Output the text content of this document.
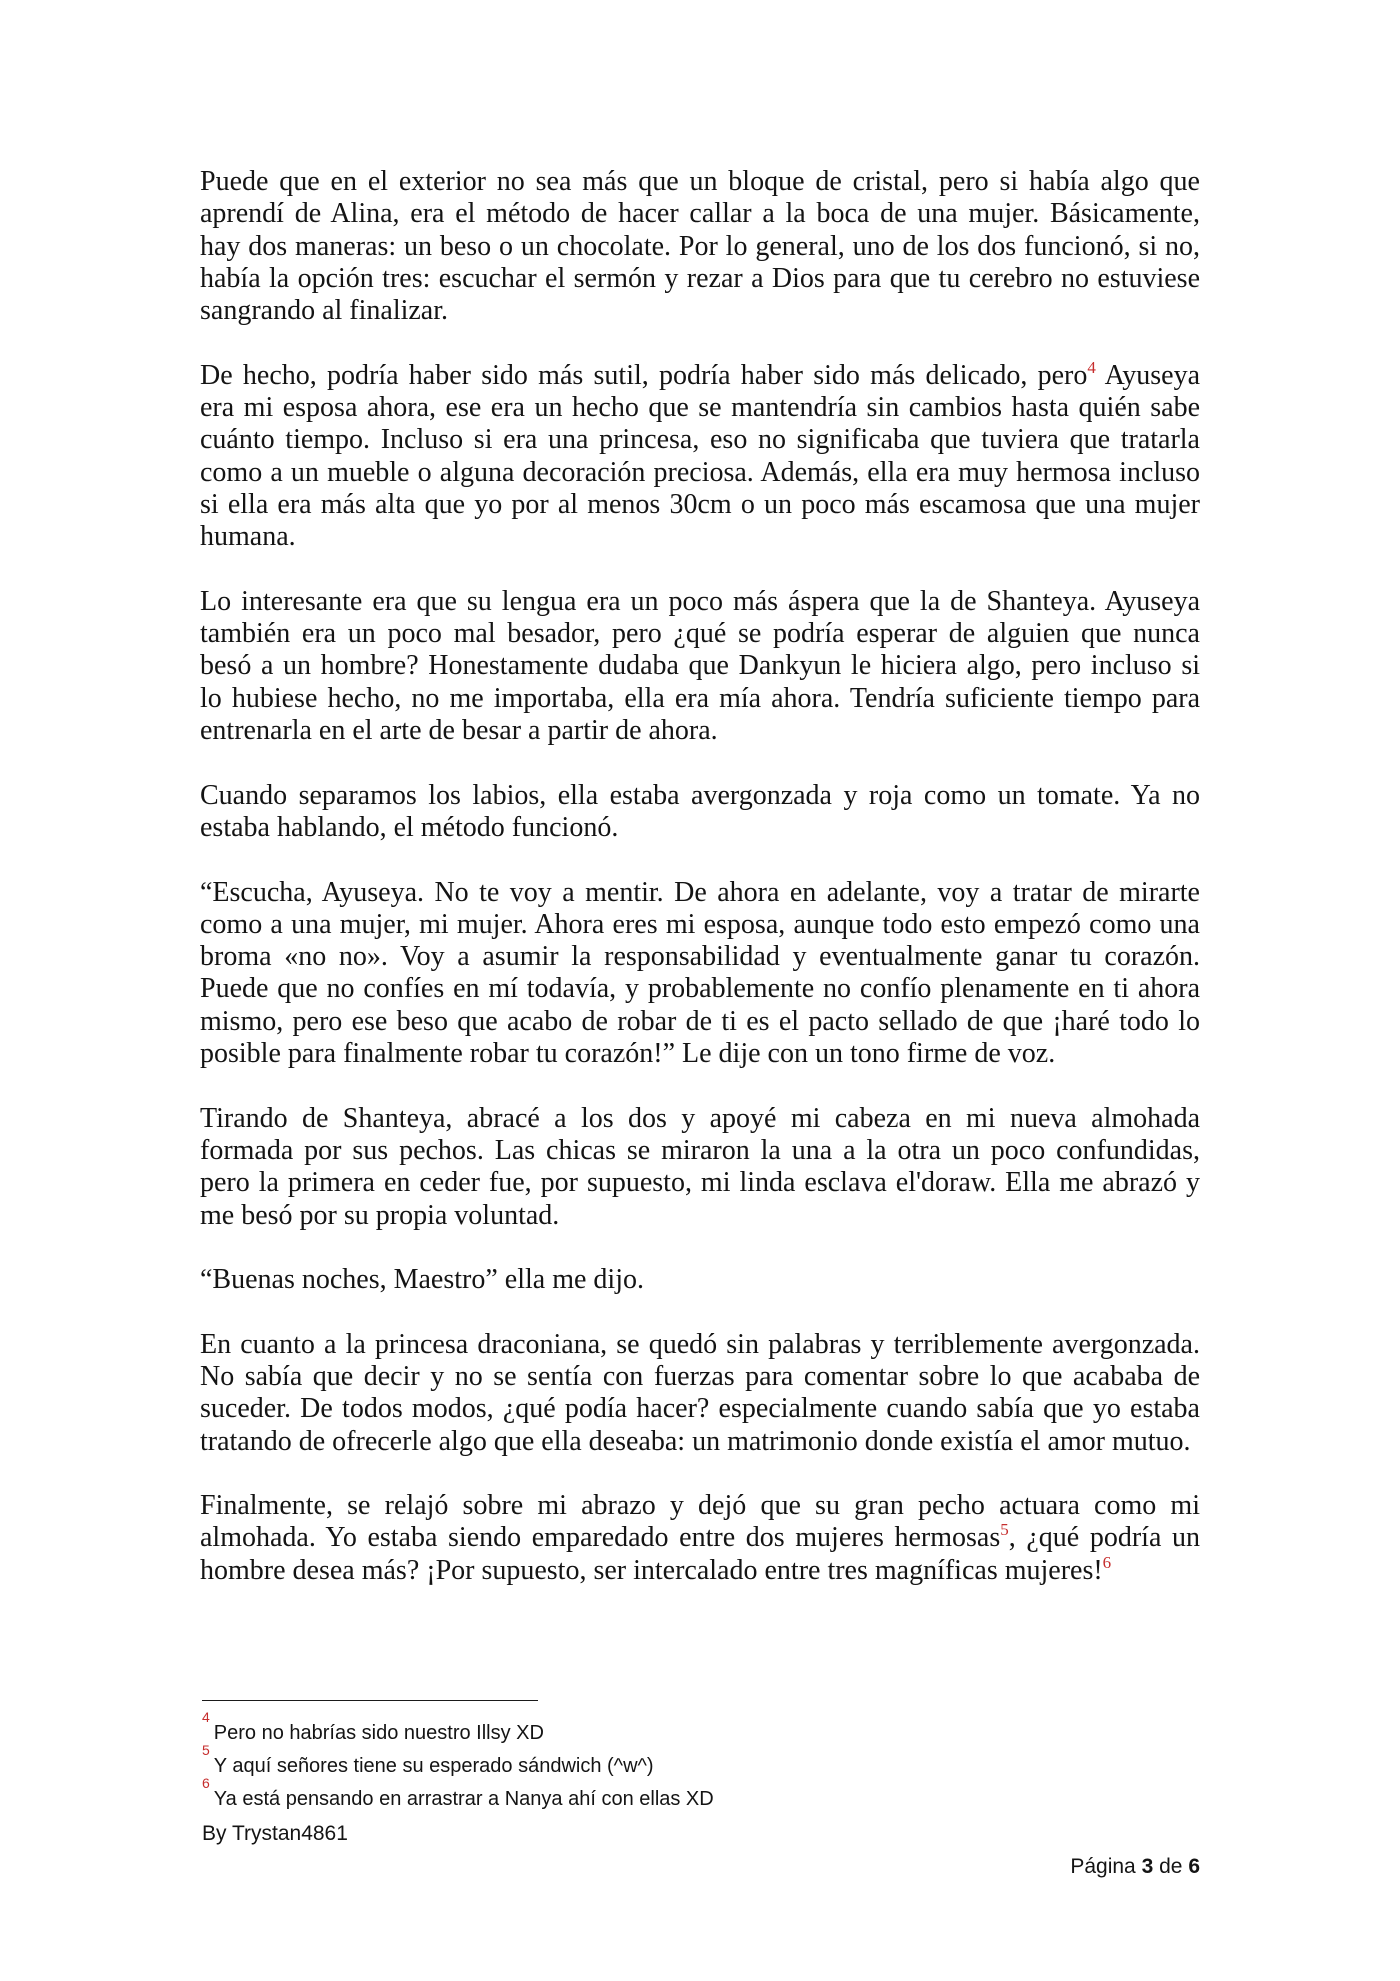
Puede que en el exterior no sea más que un bloque de cristal, pero si había algo que
aprendí de Alina, era el método de hacer callar a la boca de una mujer. Básicamente,
hay dos maneras: un beso o un chocolate. Por lo general, uno de los dos funcionó, si no,
había la opción tres: escuchar el sermón y rezar a Dios para que tu cerebro no estuviese
sangrando al finalizar.
De hecho, podría haber sido más sutil, podría haber sido más delicado, pero$^4$ Ayuseya
era mi esposa ahora, ese era un hecho que se mantendría sin cambios hasta quién sabe
cuánto tiempo. Incluso si era una princesa, eso no significaba que tuviera que tratarla
como a un mueble o alguna decoración preciosa. Además, ella era muy hermosa incluso
si ella era más alta que yo por al menos 30cm o un poco más escamosa que una mujer
humana.
Lo interesante era que su lengua era un poco más áspera que la de Shanteya. Ayuseya
también era un poco mal besador, pero ¿qué se podría esperar de alguien que nunca
besó a un hombre? Honestamente dudaba que Dankyun le hiciera algo, pero incluso si
lo hubiese hecho, no me importaba, ella era mía ahora. Tendría suficiente tiempo para
entrenarla en el arte de besar a partir de ahora.
Cuando separamos los labios, ella estaba avergonzada y roja como un tomate. Ya no
estaba hablando, el método funcionó.
“Escucha, Ayuseya. No te voy a mentir. De ahora en adelante, voy a tratar de mirarte
como a una mujer, mi mujer. Ahora eres mi esposa, aunque todo esto empezó como una
broma «no no». Voy a asumir la responsabilidad y eventualmente ganar tu corazón.
Puede que no confíes en mí todavía, y probablemente no confío plenamente en ti ahora
mismo, pero ese beso que acabo de robar de ti es el pacto sellado de que ¡haré todo lo
posible para finalmente robar tu corazón!” Le dije con un tono firme de voz.
Tirando de Shanteya, abracé a los dos y apoyé mi cabeza en mi nueva almohada
formada por sus pechos. Las chicas se miraron la una a la otra un poco confundidas,
pero la primera en ceder fue, por supuesto, mi linda esclava el'doraw. Ella me abrazó y
me besó por su propia voluntad.
“Buenas noches, Maestro” ella me dijo.
En cuanto a la princesa draconiana, se quedó sin palabras y terriblemente avergonzada.
No sabía que decir y no se sentía con fuerzas para comentar sobre lo que acababa de
suceder. De todos modos, ¿qué podía hacer? especialmente cuando sabía que yo estaba
tratando de ofrecerle algo que ella deseaba: un matrimonio donde existía el amor mutuo.
Finalmente, se relajó sobre mi abrazo y dejó que su gran pecho actuara como mi
almohada. Yo estaba siendo emparedado entre dos mujeres hermosas$^5$, ¿qué podría un
hombre desea más? ¡Por supuesto, ser intercalado entre tres magníficas mujeres!$^6$
$^4$Pero no habrías sido nuestro Illsy XD
$^5$Y aquí señores tiene su esperado sándwich (^w^)
$^6$Ya está pensando en arrastrar a Nanya ahí con ellas XD
By Trystan4861
Página 3 de 6
